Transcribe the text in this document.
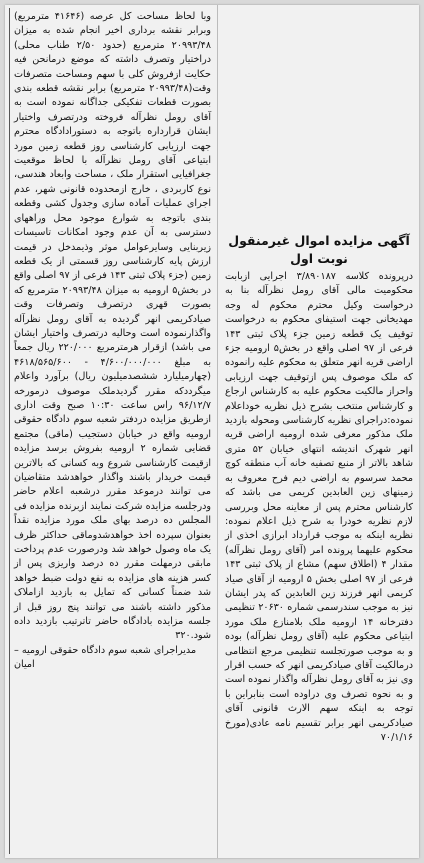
آگهی مزایده اموال غیرمنقول نوبت اول

درپرونده کلاسه ۳/۸۹۰۱۸۷ اجرایی ازبابت محکومیت مالی آقای رومل نظرآله بنا به درخواست وکیل محترم محکوم له وجه مهدیخانی جهت استیفای محکوم به درخواست توقیف یک قطعه زمین جزء پلاک ثبتی ۱۴۳ فرعی از ۹۷ اصلی واقع در بخش۵ ارومیه جزء اراضی قریه انهر متعلق به محکوم علیه رانموده که ملک موصوف پس ازتوقیف جهت ارزیابی واحراز مالکیت محکوم علیه به کارشناس ارجاع و کارشناس منتخب بشرح ذیل نظریه خوداعلام نموده:دراجرای نظریه کارشناسی ومحوله بازدید ملک مذکور معرفی شده ارومیه اراضی قریه انهر شهرک اندیشه انتهای خیابان ۵۲ متری شاهد بالاتر از منبع تصفیه خانه آب منطقه کوچ محمد سرسوم به اراضی دیم فرح معروف به زمینهای زین العابدین کریمی می باشد که کارشناس محترم پس از معاینه محل وبررسی لازم نظریه خودرا به شرح ذیل اعلام نموده: نظریه اینکه به موجب قرارداد ابرازی اخذی از محکوم علیهما پرونده امر (آقای رومل نظرآله) مقدار ۴ (اطلاق سهم) مشاع از پلاک ثبتی ۱۴۳ فرعی از ۹۷ اصلی بخش ۵ ارومیه از آقای صیاد کریمی انهر فرزند زین العابدین که پدر ایشان نیز به موجب سندرسمی شماره ۲۰۶۳۰ تنظیمی دفترخانه ۱۴ ارومیه ملک بلامنازع ملک مورد ابتیاعی محکوم علیه (آقای رومل نظرآله) بوده و به موجب صورتجلسه تنظیمی مرجع انتظامی درمالکیت آقای صیادکریمی انهر که حسب اقرار وی نیز به آقای رومل نظرآله واگذار نموده است و به نحوه تصرف وی دراوده است بنابراین با توجه به اینکه سهم الارث قانونی آقای صیادکریمی انهر برابر تقسیم نامه عادی(مورخ ۷۰/۱/۱۶

وبا لحاظ مساحت کل عرصه (۴۱۶۴۶ مترمربع) وبرابر نقشه برداری اخیر انجام شده به میزان ۲۰۹۹۳/۴۸ مترمربع (حدود ۲/۵۰ طناب محلی) دراختیار وتصرف داشته که موضع درمانحن فیه حکایت ازفروش کلی با سهم ومساحت متصرفات وقت(۲۰۹۹۳/۴۸ مترمربع) برابر نقشه قطعه بندی بصورت قطعات تفکیکی جداگانه نموده است به آقای رومل نظرآله فروخته ودرتصرف واختیار ایشان قرارداره باتوجه به دستورادادگاه محترم جهت ارزیابی کارشناسی روز قطعه زمین مورد ابتیاعی آقای رومل نظرآله با لحاظ موقعیت جغرافیایی استقرار ملک ، مساحت وابعاد هندسی، نوع کاربردی ، خارج ازمحدوده قانونی شهر، عدم اجرای عملیات آماده سازی وجدول کشی وقطعه بندی باتوجه به شوارع موجود محل وراههای دسترسی به آن عدم وجود امکانات تاسیسات زیربنایی وسایرعوامل موثر وذیمدخل در قیمت ارزش پایه کارشناسی روز قسمتی از یک قطعه زمین (جزء پلاک ثبتی ۱۴۳ فرعی از ۹۷ اصلی واقع در بخش۵ ارومیه به میزان ۲۰۹۹۳/۴۸ مترمربع که بصورت قهری درتصرف وتصرفات وقت صیادکریمی انهر گردیده به آقای رومل نظرآله واگذارنموده است وحالیه درتصرف واختیار ایشان می باشد) ازقرار هرمترمربع ۲۲۰/۰۰۰ ریال جمعاً به مبلغ ۴/۶۰۰/۰۰۰/۰۰۰ - ۴۶۱۸/۵۶۵/۶۰۰ (چهارمیلیارد ششصدمیلیون ریال) برآورد واعلام میگرددکه مقرر گردیدملک موصوف درمورخه ۹۶/۱۲/۷ راس ساعت ۱۰:۳۰ صبح وقت اداری ازطریق مزایده دردفتر شعبه سوم دادگاه حقوقی ارومیه واقع در خیابان دستجیب (ماقی) مجتمع قضایی شماره ۲ ارومیه بفروش برسد مزایده ازقیمت کارشناسی شروع وبه کسانی که بالاترین قیمت خریدار باشند واگذار خواهدشد متقاضیان می توانند درموعد مقرر درشعبه اعلام حاضر ودرجلسه مزایده شرکت نمایند ازبرنده مزایده فی المجلس ده درصد بهای ملک مورد مزایده نقداً بعنوان سپرده اخذ خواهدشدوماقی حداکثر ظرف یک ماه وصول خواهد شد ودرصورت عدم پرداخت مابقی درمهلت مقرر ده درصد واریزی پس از کسر هزینه های مزایده به نفع دولت ضبط خواهد شد ضمناً کسانی که تمایل به بازدید ازاملاک مذکور داشته باشند می توانند پنج روز قبل از جلسه مزایده بادادگاه حاضر تاترتیب بازدید داده شود.۳۲۰

مدیراجرای شعبه سوم دادگاه حقوقی ارومیه – امیان
